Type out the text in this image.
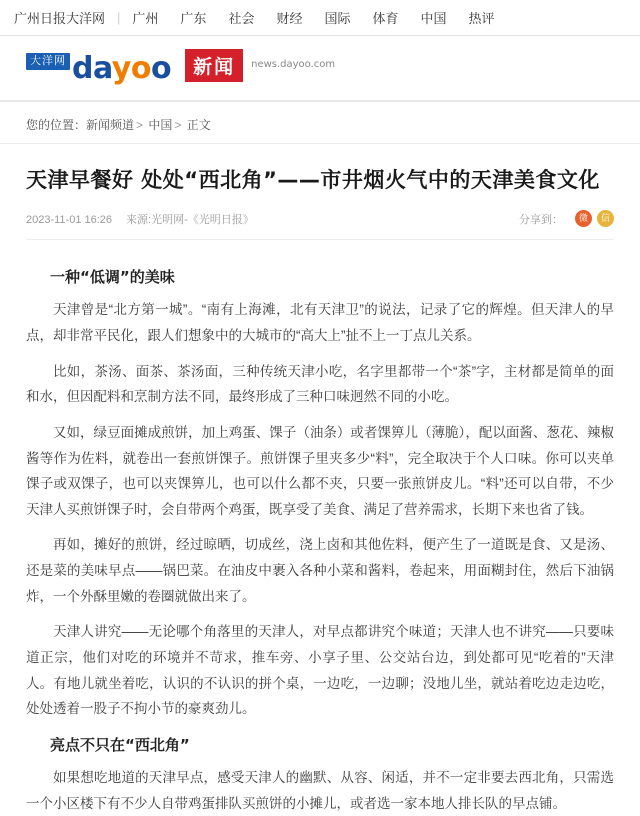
广州日报大洋网 | 广州 广东 社会 财经 国际 体育 中国 热评
大洋网 dayoo	新闻	news.dayoo.com
您的位置：新闻频道 > 中国 > 正文
天津早餐好 处处“西北角”——市井烟火气中的天津美食文化
2023-11-01 16:26 来源:光明网-《光明日报》	分享到：	微	信
一种“低调”的美味

天津曾是“北方第一城”。“南有上海滩，北有天津卫”的说法，记录了它的辉煌。但天津人的早点，却非常平民化，跟人们想象中的大城市的“高大上”扯不上一丁点儿关系。

比如，茶汤、面茶、茶汤面，三种传统天津小吃，名字里都带一个“茶”字，主材都是简单的面和水，但因配料和烹制方法不同，最终形成了三种口味迥然不同的小吃。

又如，绿豆面摊成煎饼，加上鸡蛋、馃子（油条）或者馃箅儿（薄脆），配以面酱、葱花、辣椒酱等作为佐料，就卷出一套煎饼馃子。煎饼馃子里夹多少“料”，完全取决于个人口味。你可以夹单馃子或双馃子，也可以夹馃箅儿，也可以什么都不夹，只要一张煎饼皮儿。“料”还可以自带，不少天津人买煎饼馃子时，会自带两个鸡蛋，既享受了美食、满足了营养需求，长期下来也省了钱。

再如，摊好的煎饼，经过晾晒，切成丝，浇上卤和其他佐料，便产生了一道既是食、又是汤、还是菜的美味早点——锅巴菜。在油皮中裹入各种小菜和酱料，卷起来，用面糊封住，然后下油锅炸，一个外酥里嫩的卷圈就做出来了。

天津人讲究——无论哪个角落里的天津人，对早点都讲究个味道；天津人也不讲究——只要味道正宗，他们对吃的环境并不苛求，推车旁、小享子里、公交站台边，到处都可见“吃着的”天津人。有地儿就坐着吃，认识的不认识的拼个桌，一边吃，一边聊；没地儿坐，就站着吃边走边吃，处处透着一股子不拘小节的豪爽劲儿。

亮点不只在“西北角”

如果想吃地道的天津早点，感受天津人的幽默、从容、闲适，并不一定非要去西北角，只需选一个小区楼下有不少人自带鸡蛋排队买煎饼的小摊儿，或者选一家本地人排长队的早点铺。
